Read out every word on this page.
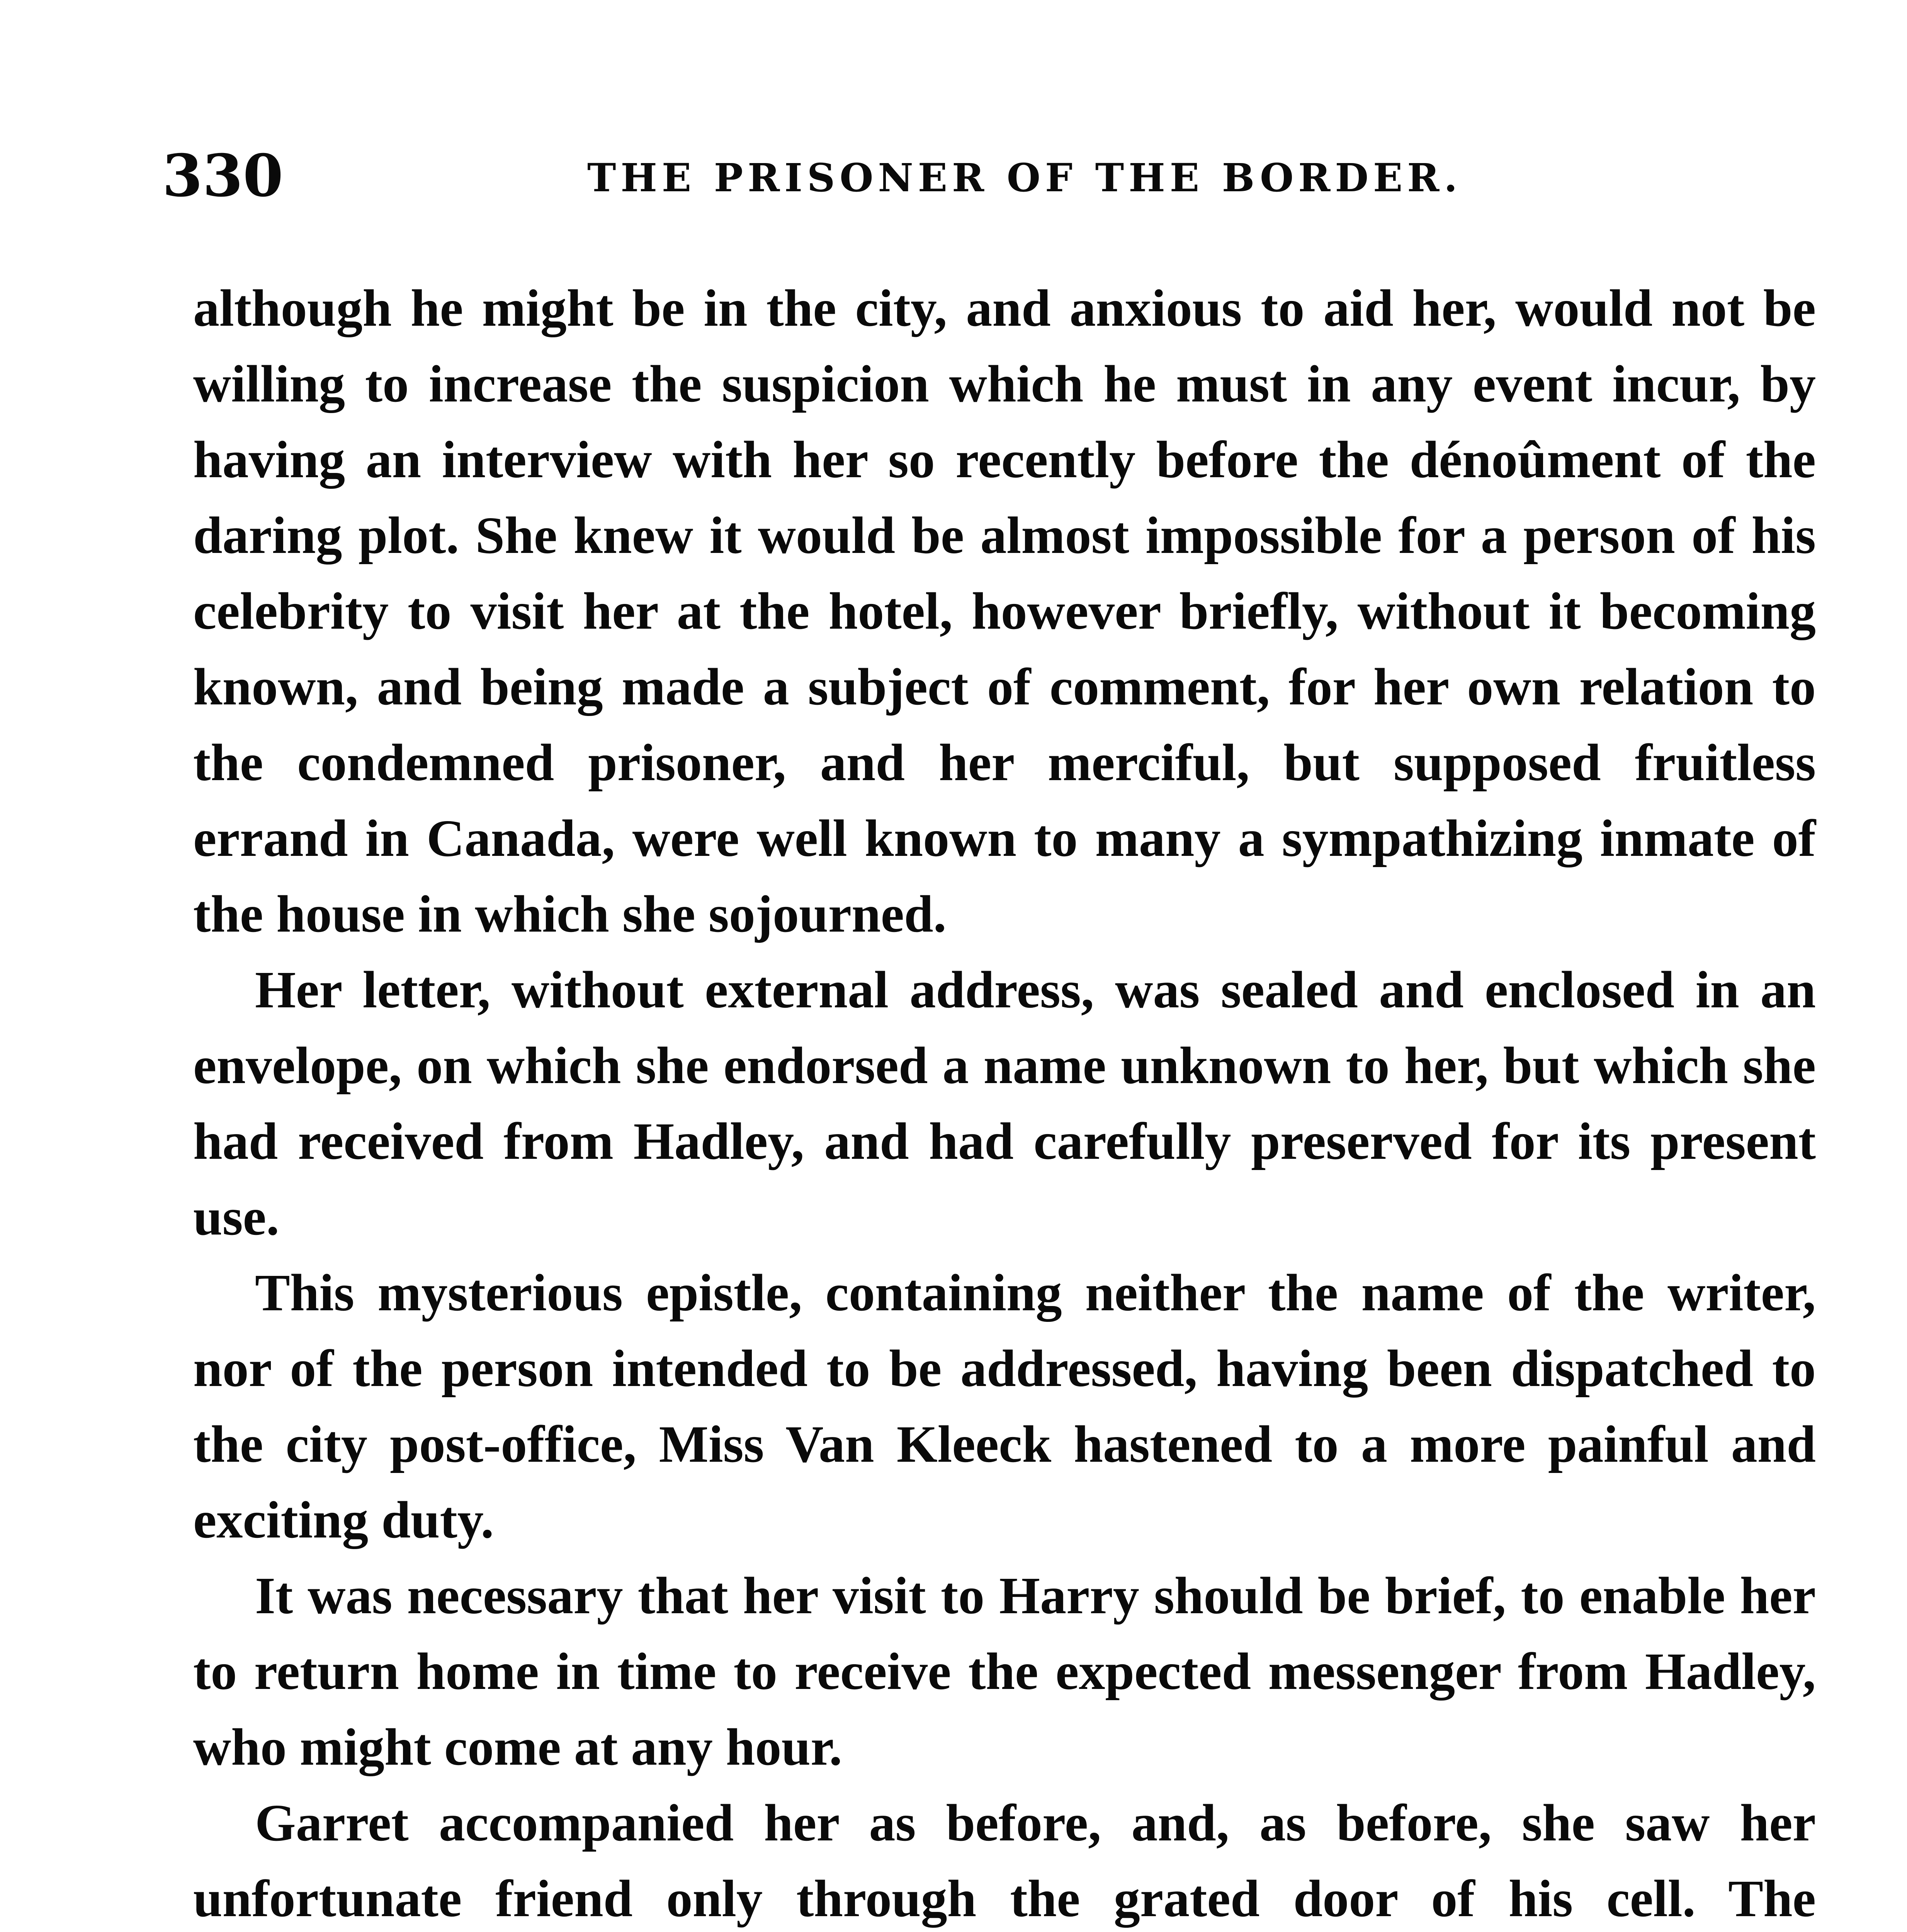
330	THE PRISONER OF THE BORDER.

although he might be in the city, and anxious to aid her, would not be willing to increase the suspicion which he must in any event incur, by having an interview with her so recently before the dénoûment of the daring plot. She knew it would be almost impossible for a person of his celebrity to visit her at the hotel, however briefly, without it becoming known, and being made a subject of comment, for her own relation to the condemned prisoner, and her merciful, but supposed fruitless errand in Canada, were well known to many a sympathizing inmate of the house in which she sojourned.

Her letter, without external address, was sealed and enclosed in an envelope, on which she endorsed a name unknown to her, but which she had received from Hadley, and had carefully preserved for its present use.

This mysterious epistle, containing neither the name of the writer, nor of the person intended to be addressed, having been dispatched to the city post-office, Miss Van Kleeck hastened to a more painful and exciting duty.

It was necessary that her visit to Harry should be brief, to enable her to return home in time to receive the expected messenger from Hadley, who might come at any hour.

Garret accompanied her as before, and, as before, she saw her unfortunate friend only through the grated door of his cell. The
